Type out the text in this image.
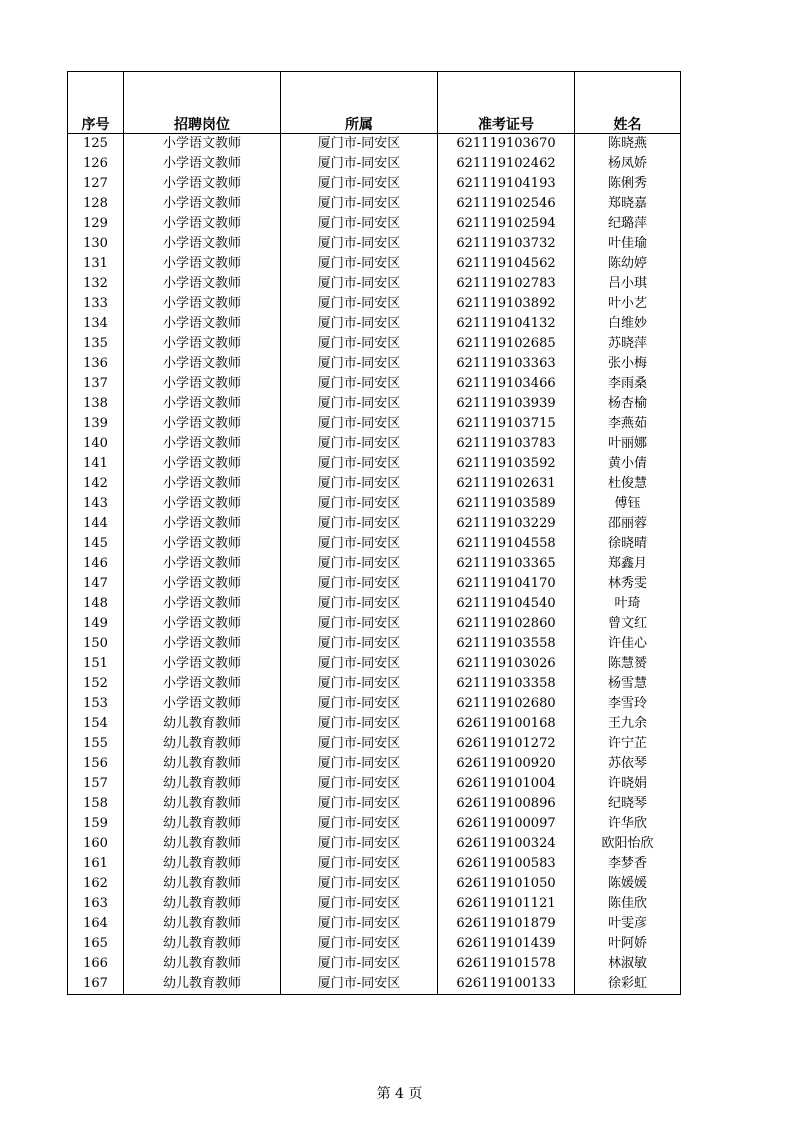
序号	招聘岗位	所属	准考证号	姓名
125	小学语文教师	厦门市-同安区	621119103670	陈晓燕
126	小学语文教师	厦门市-同安区	621119102462	杨凤娇
127	小学语文教师	厦门市-同安区	621119104193	陈俐秀
128	小学语文教师	厦门市-同安区	621119102546	郑晓嘉
129	小学语文教师	厦门市-同安区	621119102594	纪璐萍
130	小学语文教师	厦门市-同安区	621119103732	叶佳瑜
131	小学语文教师	厦门市-同安区	621119104562	陈幼婷
132	小学语文教师	厦门市-同安区	621119102783	吕小琪
133	小学语文教师	厦门市-同安区	621119103892	叶小艺
134	小学语文教师	厦门市-同安区	621119104132	白维妙
135	小学语文教师	厦门市-同安区	621119102685	苏晓萍
136	小学语文教师	厦门市-同安区	621119103363	张小梅
137	小学语文教师	厦门市-同安区	621119103466	李雨桑
138	小学语文教师	厦门市-同安区	621119103939	杨杏榆
139	小学语文教师	厦门市-同安区	621119103715	李燕茹
140	小学语文教师	厦门市-同安区	621119103783	叶丽娜
141	小学语文教师	厦门市-同安区	621119103592	黄小倩
142	小学语文教师	厦门市-同安区	621119102631	杜俊慧
143	小学语文教师	厦门市-同安区	621119103589	傅钰
144	小学语文教师	厦门市-同安区	621119103229	邵丽蓉
145	小学语文教师	厦门市-同安区	621119104558	徐晓晴
146	小学语文教师	厦门市-同安区	621119103365	郑鑫月
147	小学语文教师	厦门市-同安区	621119104170	林秀雯
148	小学语文教师	厦门市-同安区	621119104540	叶琦
149	小学语文教师	厦门市-同安区	621119102860	曾文红
150	小学语文教师	厦门市-同安区	621119103558	许佳心
151	小学语文教师	厦门市-同安区	621119103026	陈慧赟
152	小学语文教师	厦门市-同安区	621119103358	杨雪慧
153	小学语文教师	厦门市-同安区	621119102680	李雪玲
154	幼儿教育教师	厦门市-同安区	626119100168	王九余
155	幼儿教育教师	厦门市-同安区	626119101272	许宁芷
156	幼儿教育教师	厦门市-同安区	626119100920	苏依琴
157	幼儿教育教师	厦门市-同安区	626119101004	许晓娟
158	幼儿教育教师	厦门市-同安区	626119100896	纪晓琴
159	幼儿教育教师	厦门市-同安区	626119100097	许华欣
160	幼儿教育教师	厦门市-同安区	626119100324	欧阳怡欣
161	幼儿教育教师	厦门市-同安区	626119100583	李梦香
162	幼儿教育教师	厦门市-同安区	626119101050	陈媛媛
163	幼儿教育教师	厦门市-同安区	626119101121	陈佳欣
164	幼儿教育教师	厦门市-同安区	626119101879	叶雯彦
165	幼儿教育教师	厦门市-同安区	626119101439	叶阿娇
166	幼儿教育教师	厦门市-同安区	626119101578	林淑敏
167	幼儿教育教师	厦门市-同安区	626119100133	徐彩虹
第 4 页
